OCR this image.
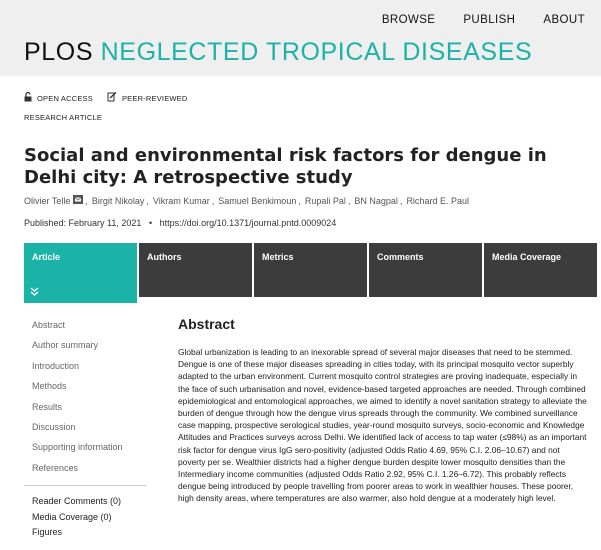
BROWSE PUBLISH ABOUT
PLOS NEGLECTED TROPICAL DISEASES
OPEN ACCESS	PEER-REVIEWED
RESEARCH ARTICLE
Social and environmental risk factors for dengue in Delhi city: A retrospective study
Olivier Telle , Birgit Nikolay , Vikram Kumar , Samuel Benkimoun , Rupali Pal , BN Nagpal , Richard E. Paul
Published: February 11, 2021 • https://doi.org/10.1371/journal.pntd.0009024
Article	Authors	Metrics	Comments	Media Coverage
Abstract
Author summary
Introduction
Methods
Results
Discussion
Supporting information
References
Reader Comments (0)
Media Coverage (0)
Figures
Abstract

Global urbanization is leading to an inexorable spread of several major diseases that need to be stemmed. Dengue is one of these major diseases spreading in cities today, with its principal mosquito vector superbly adapted to the urban environment. Current mosquito control strategies are proving inadequate, especially in the face of such urbanisation and novel, evidence-based targeted approaches are needed. Through combined epidemiological and entomological approaches, we aimed to identify a novel sanitation strategy to alleviate the burden of dengue through how the dengue virus spreads through the community. We combined surveillance case mapping, prospective serological studies, year-round mosquito surveys, socio-economic and Knowledge Attitudes and Practices surveys across Delhi. We identified lack of access to tap water (≤98%) as an important risk factor for dengue virus IgG sero-positivity (adjusted Odds Ratio 4.69, 95% C.I. 2.06–10.67) and not poverty per se. Wealthier districts had a higher dengue burden despite lower mosquito densities than the Intermediary income communities (adjusted Odds Ratio 2.92, 95% C.I. 1.26–6.72). This probably reflects dengue being introduced by people travelling from poorer areas to work in wealthier houses. These poorer, high density areas, where temperatures are also warmer, also hold dengue at a moderately high level.
